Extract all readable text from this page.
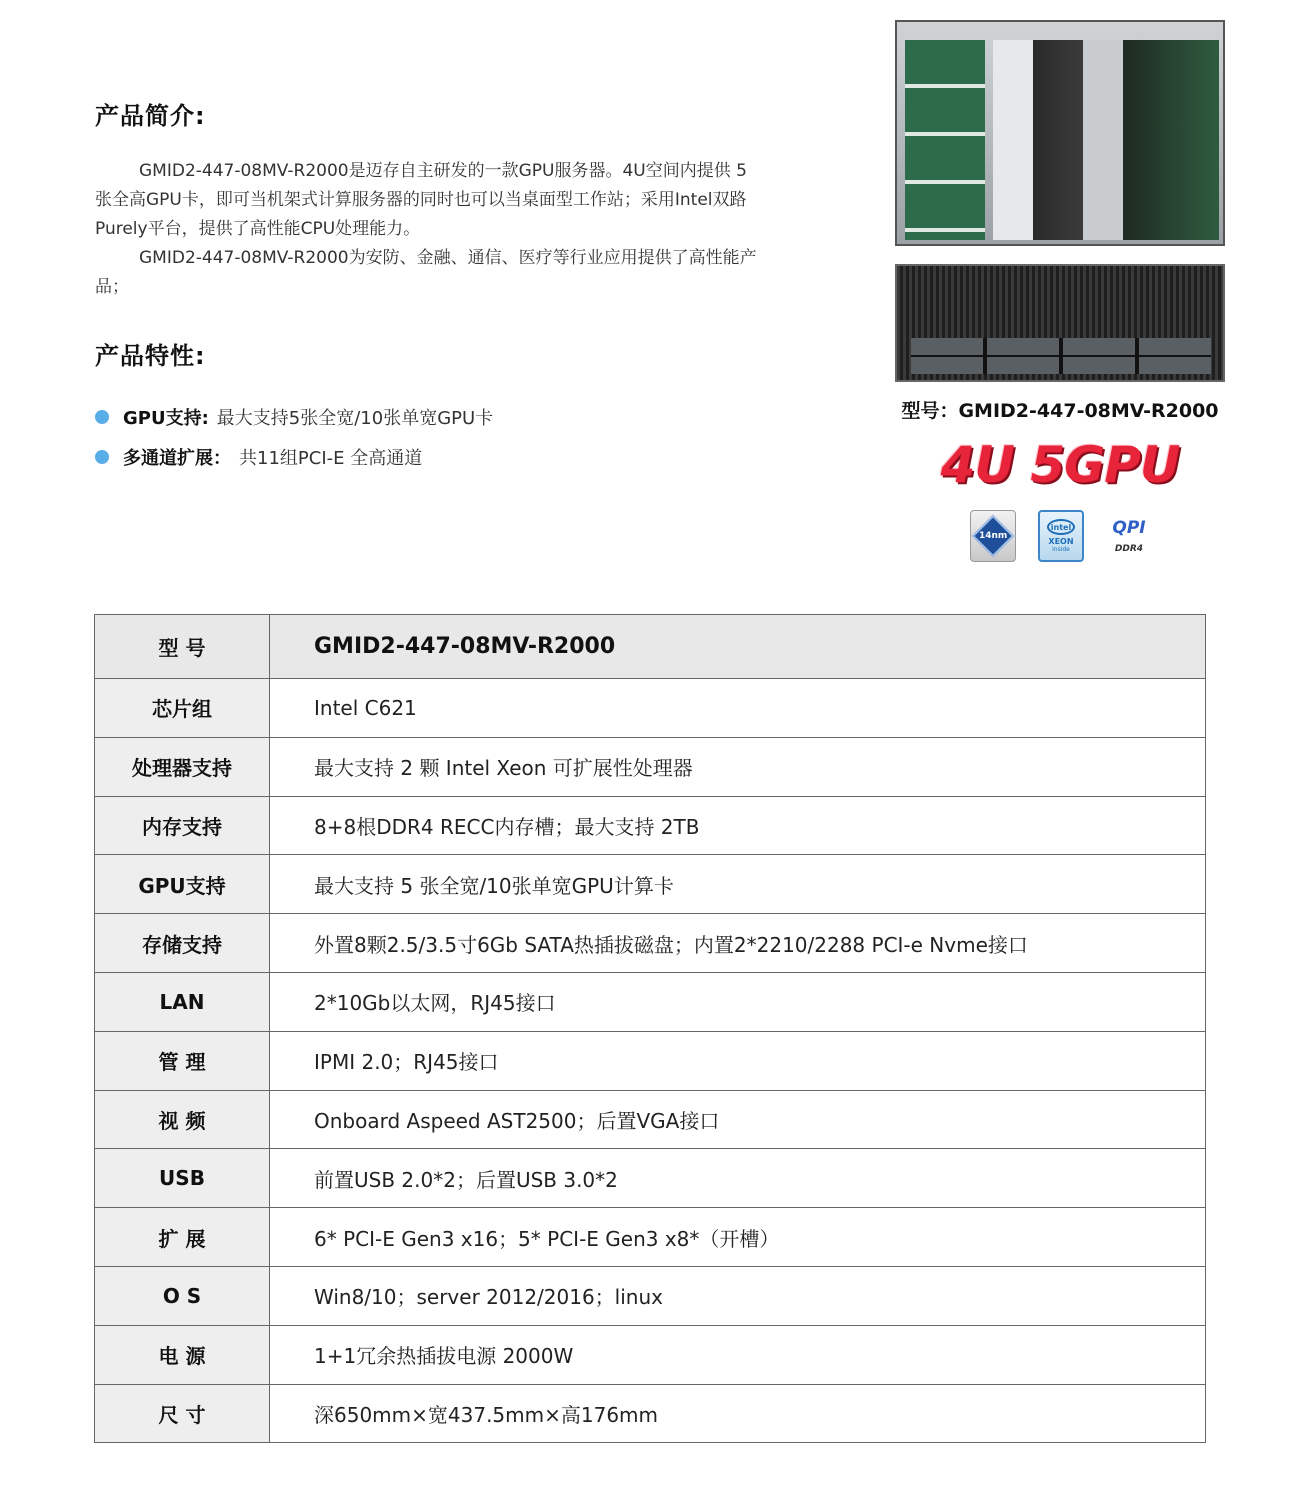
产品简介:

GMID2-447-08MV-R2000是迈存自主研发的一款GPU服务器。4U空间内提供 5 张全高GPU卡，即可当机架式计算服务器的同时也可以当桌面型工作站；采用Intel双路Purely平台，提供了高性能CPU处理能力。

GMID2-447-08MV-R2000为安防、金融、通信、医疗等行业应用提供了高性能产品；

产品特性:
GPU支持: 最大支持5张全宽/10张单宽GPU卡
多通道扩展： 共11组PCI-E 全高通道
型号：GMID2-447-08MV-R2000
4U 5GPU
14nm
intel
XEON
inside
QPI
DDR4
型 号	GMID2-447-08MV-R2000
芯片组	Intel C621
处理器支持	最大支持 2 颗 Intel Xeon 可扩展性处理器
内存支持	8+8根DDR4 RECC内存槽；最大支持 2TB
GPU支持	最大支持 5 张全宽/10张单宽GPU计算卡
存储支持	外置8颗2.5/3.5寸6Gb SATA热插拔磁盘；内置2*2210/2288 PCI-e Nvme接口
LAN	2*10Gb以太网，RJ45接口
管 理	IPMI 2.0；RJ45接口
视 频	Onboard Aspeed AST2500；后置VGA接口
USB	前置USB 2.0*2；后置USB 3.0*2
扩 展	6* PCI-E Gen3 x16；5* PCI-E Gen3 x8*（开槽）
O S	Win8/10；server 2012/2016；linux
电 源	1+1冗余热插拔电源 2000W
尺 寸	深650mm×宽437.5mm×高176mm
